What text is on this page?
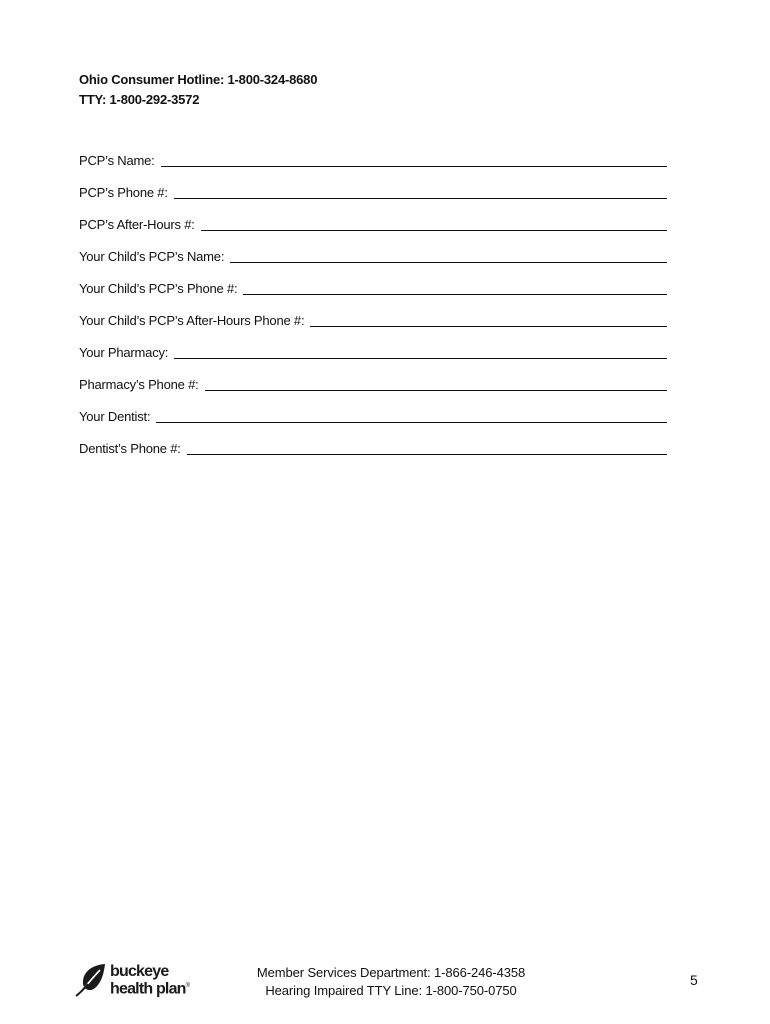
Ohio Consumer Hotline: 1-800-324-8680
TTY: 1-800-292-3572
PCP’s Name:
PCP’s Phone #:
PCP’s After-Hours #:
Your Child’s PCP’s Name:
Your Child’s PCP’s Phone #:
Your Child’s PCP’s After-Hours Phone #:
Your Pharmacy:
Pharmacy’s Phone #:
Your Dentist:
Dentist’s Phone #:
buckeye
health plan®
Member Services Department: 1-866-246-4358
Hearing Impaired TTY Line: 1-800-750-0750
5
